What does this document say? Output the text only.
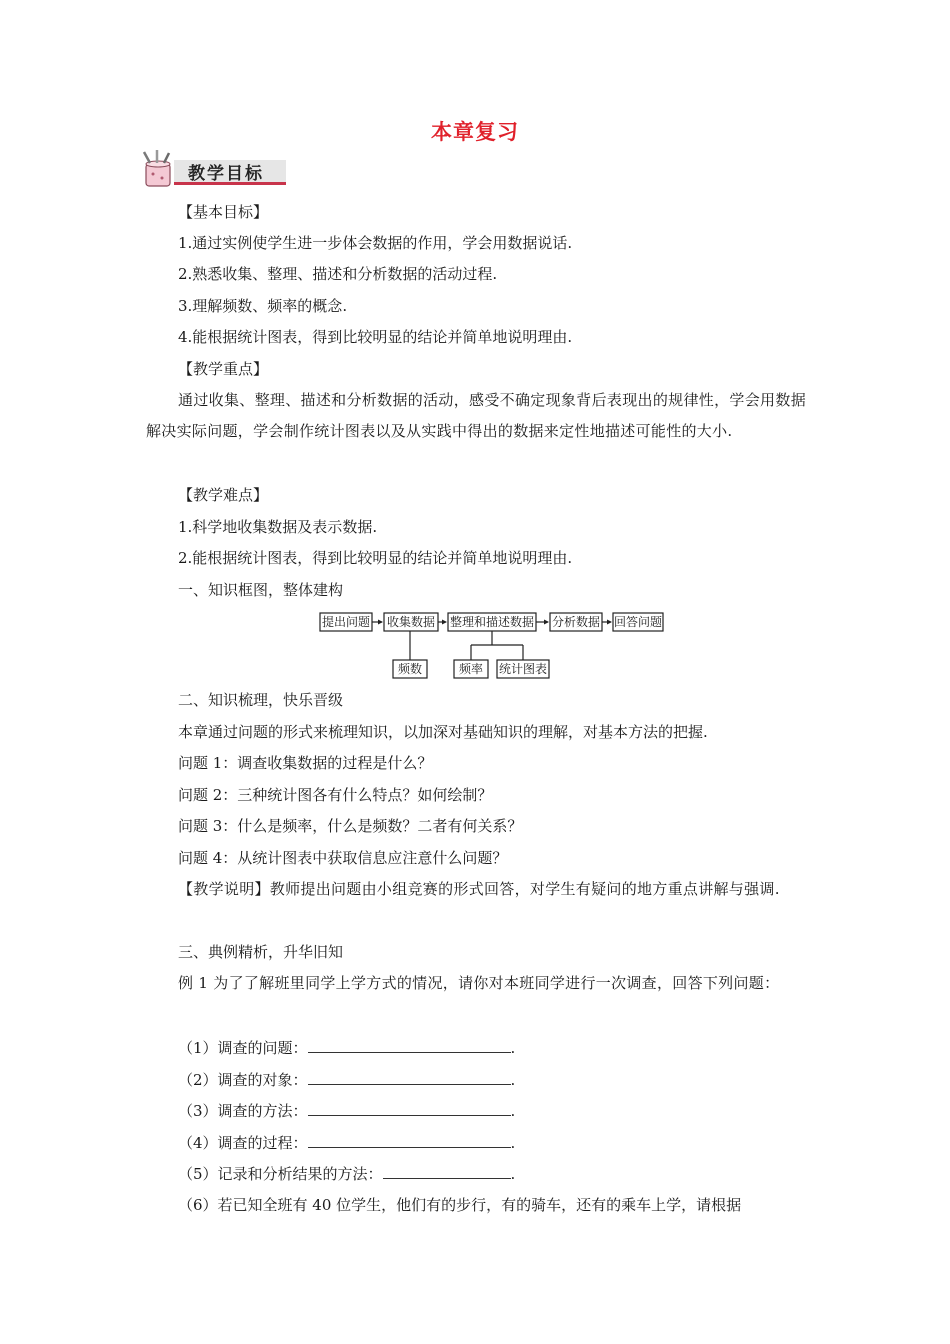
本章复习
教学目标
【基本目标】
1.通过实例使学生进一步体会数据的作用，学会用数据说话.
2.熟悉收集、整理、描述和分析数据的活动过程.
3.理解频数、频率的概念.
4.能根据统计图表，得到比较明显的结论并简单地说明理由.
【教学重点】
通过收集、整理、描述和分析数据的活动，感受不确定现象背后表现出的规律性，学会用数据解决实际问题，学会制作统计图表以及从实践中得出的数据来定性地描述可能性的大小.
【教学难点】
1.科学地收集数据及表示数据.
2.能根据统计图表，得到比较明显的结论并简单地说明理由.
一、知识框图，整体建构
提出问题 收集数据 整理和描述数据 分析数据 回答问题
频数	频率 统计图表
二、知识梳理，快乐晋级
本章通过问题的形式来梳理知识，以加深对基础知识的理解，对基本方法的把握.
问题 1：调查收集数据的过程是什么？
问题 2：三种统计图各有什么特点？如何绘制？
问题 3：什么是频率，什么是频数？二者有何关系？
问题 4：从统计图表中获取信息应注意什么问题？
【教学说明】教师提出问题由小组竞赛的形式回答，对学生有疑问的地方重点讲解与强调.
三、典例精析，升华旧知
例 1 为了了解班里同学上学方式的情况，请你对本班同学进行一次调查，回答下列问题：
（1）调查的问题：	.
（2）调查的对象：	.
（3）调查的方法：	.
（4）调查的过程：	.
（5）记录和分析结果的方法：	.
（6）若已知全班有 40 位学生，他们有的步行，有的骑车，还有的乘车上学，请根据
